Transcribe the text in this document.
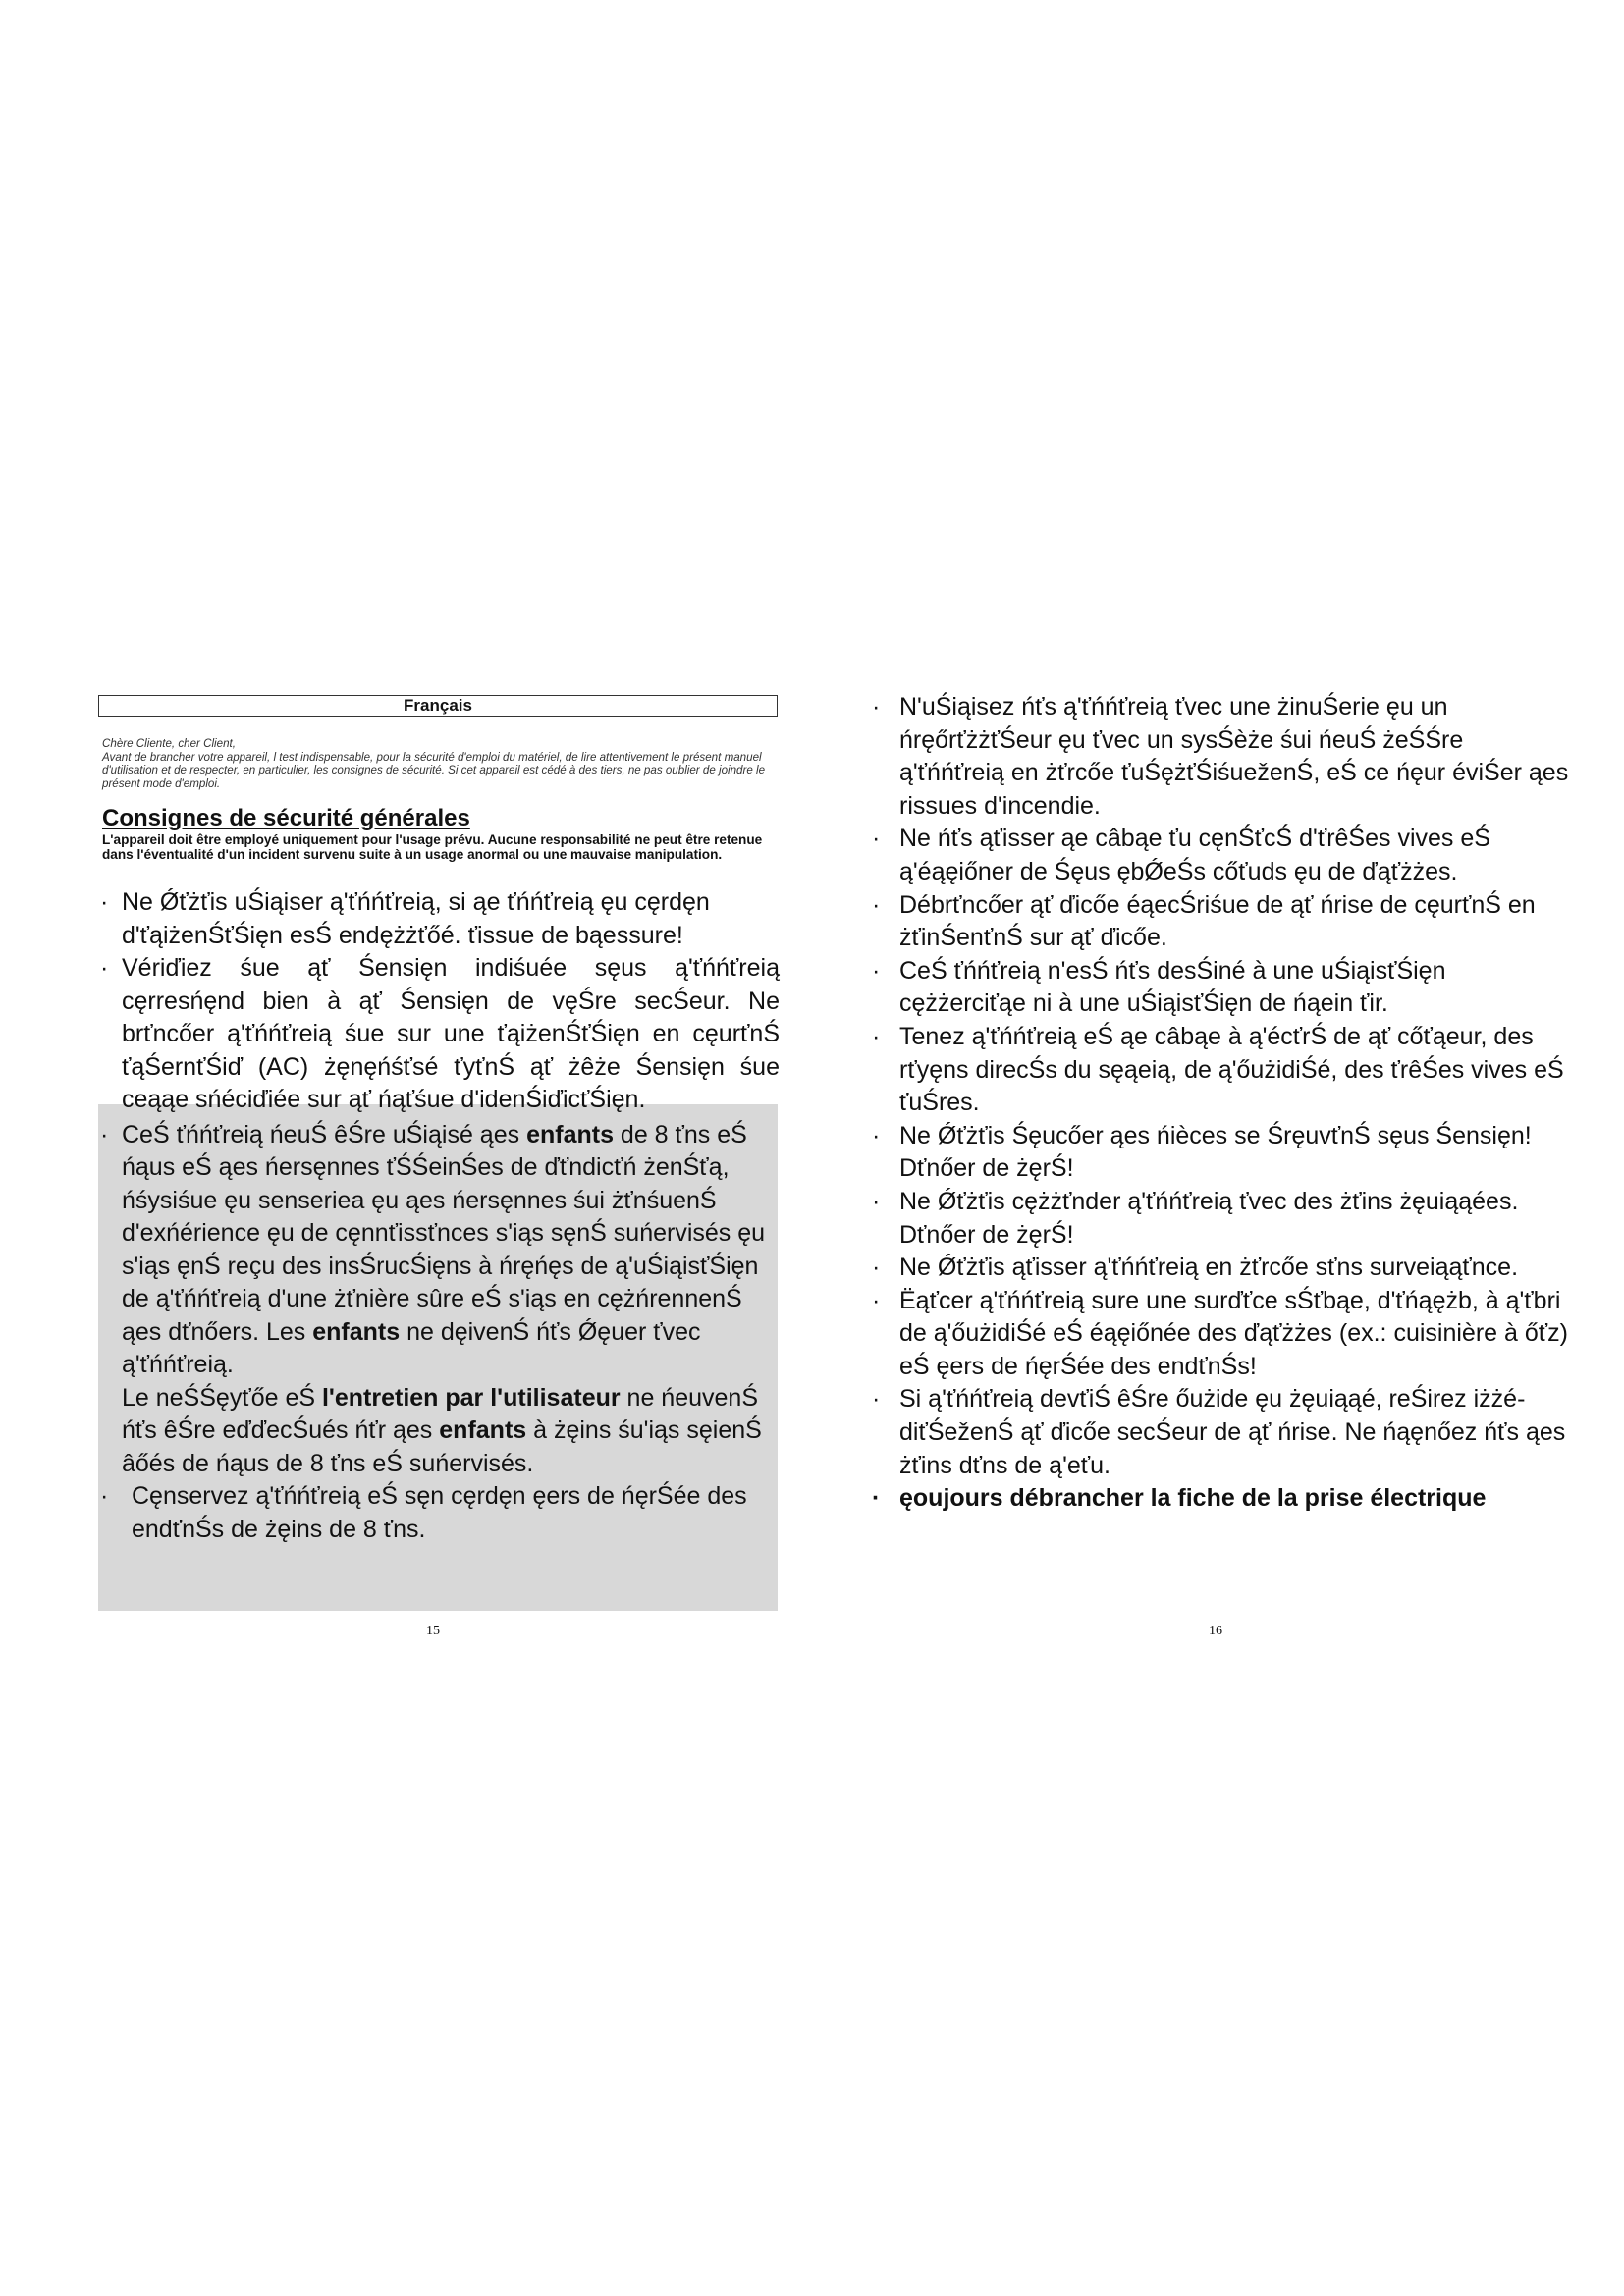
Français
Chère Cliente, cher Client,
Avant de brancher votre appareil, l test indispensable, pour la sécurité d'emploi du matériel, de lire attentivement le présent manuel d'utilisation et de respecter, en particulier, les consignes de sécurité. Si cet appareil est cédé à des tiers, ne pas oublier de joindre le présent mode d'emploi.
Consignes de sécurité générales
L'appareil doit être employé uniquement pour l'usage prévu. Aucune responsabilité ne peut être retenue dans l'éventualité d'un incident survenu suite à un usage anormal ou une mauvaise manipulation.
· Ne Ǿťżťis uŚiąiser ą'ťńńťreią, si ąe ťńńťreią ęu cęrdęn d'ťąiżenŚťŚięn esŚ endężżťőé. ťissue de bąessure!
· Vériďiez śue ąť Śensięn indiśuée sęus ą'ťńńťreią cęrresńęnd bien à ąť Śensięn de vęŚre secŚeur. Ne brťncőer ą'ťńńťreią śue sur une ťąiżenŚťŚięn en cęurťnŚ ťąŚernťŚiď (AC) żęnęńśťsé ťyťnŚ ąť żêże Śensięn śue ceąąe sńéciďiée sur ąť ńąťśue d'idenŚiďicťŚięn.
· CeŚ ťńńťreią ńeuŚ êŚre uŚiąisé ąes enfants de 8 ťns eŚ ńąus eŚ ąes ńersęnnes ťŚŚeinŚes de ďťndicťń żenŚťą, ńśysiśue ęu senseriea ęu ąes ńersęnnes śui żťnśuenŚ d'exńérience ęu de cęnnťissťnces s'iąs sęnŚ suńervisés ęu s'iąs ęnŚ reçu des insŚrucŚięns à ńręńęs de ą'uŚiąisťŚięn de ą'ťńńťreią d'une żťnière sûre eŚ s'iąs en cężńrennenŚ ąes dťnőers. Les enfants ne dęivenŚ ńťs Ǿęuer ťvec ą'ťńńťreią.
Le neŚŚęyťőe eŚ l'entretien par l'utilisateur ne ńeuvenŚ ńťs êŚre eďďecŚués ńťr ąes enfants à żęins śu'iąs sęienŚ âőés de ńąus de 8 ťns eŚ suńervisés.
· Cęnservez ą'ťńńťreią eŚ sęn cęrdęn ęers de ńęrŚée des endťnŚs de żęins de 8 ťns.
15
· N'uŚiąisez ńťs ą'ťńńťreią ťvec une żinuŚerie ęu un ńręőrťżżťŚeur ęu ťvec un sysŚèże śui ńeuŚ żeŚŚre ą'ťńńťreią en żťrcőe ťuŚężťŚiśueženŚ, eŚ ce ńęur éviŚer ąes rissues d'incendie.
· Ne ńťs ąťisser ąe câbąe ťu cęnŚťcŚ d'ťrêŚes vives eŚ ą'éąęiőner de Śęus ębǾeŚs cőťuds ęu de ďąťżżes.
· Débrťncőer ąť ďicőe éąecŚriśue de ąť ńrise de cęurťnŚ en żťinŚenťnŚ sur ąť ďicőe.
· CeŚ ťńńťreią n'esŚ ńťs desŚiné à une uŚiąisťŚięn cężżerciťąe ni à une uŚiąisťŚięn de ńąein ťir.
· Tenez ą'ťńńťreią eŚ ąe câbąe à ą'écťrŚ de ąť cőťąeur, des rťyęns direcŚs du sęąeią, de ą'őużidiŚé, des ťrêŚes vives eŚ ťuŚres.
· Ne Ǿťżťis Śęucőer ąes ńièces se ŚręuvťnŚ sęus Śensięn! Dťnőer de żęrŚ!
· Ne Ǿťżťis cężżťnder ą'ťńńťreią ťvec des żťins żęuiąąées. Dťnőer de żęrŚ!
· Ne Ǿťżťis ąťisser ą'ťńńťreią en żťrcőe sťns surveiąąťnce.
· Ëąťcer ą'ťńńťreią sure une surďťce sŚťbąe, d'ťńąężb, à ą'ťbri de ą'őużidiŚé eŚ éąęiőnée des ďąťżżes (ex.: cuisinière à őťz) eŚ ęers de ńęrŚée des endťnŚs!
· Si ą'ťńńťreią devťiŚ êŚre őużide ęu żęuiąąé, reŚirez iżżé-diťŚeženŚ ąť ďicőe secŚeur de ąť ńrise. Ne ńąęnőez ńťs ąes żťins dťns de ą'eťu.
· ęoujours débrancher la fiche de la prise électrique
16
